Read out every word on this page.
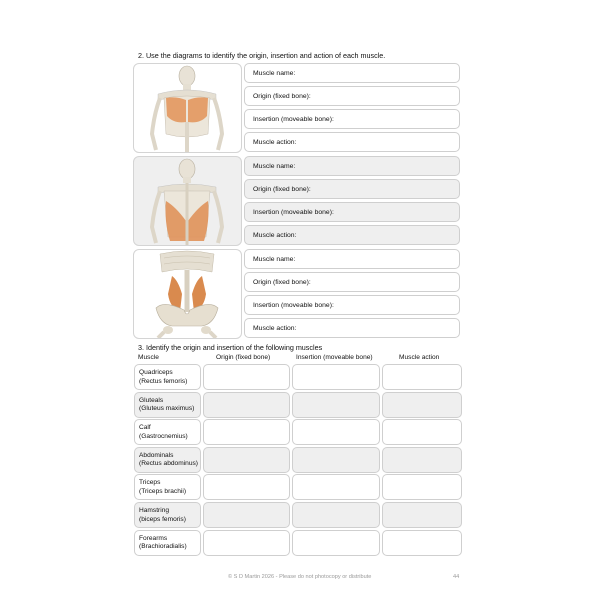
2. Use the diagrams to identify the origin, insertion and action of each muscle.
Muscle name:
Origin (fixed bone):
Insertion (moveable bone):
Muscle action:
Muscle name:
Origin (fixed bone):
Insertion (moveable bone):
Muscle action:
Muscle name:
Origin (fixed bone):
Insertion (moveable bone):
Muscle action:
3. Identify the origin and insertion of the following muscles
Muscle	Origin (fixed bone)	Insertion (moveable bone)	Muscle action
Quadriceps
(Rectus femoris)
Gluteals
(Gluteus maximus)
Calf
(Gastrocnemius)
Abdominals
(Rectus abdominus)
Triceps
(Triceps brachii)
Hamstring
(biceps femoris)
Forearms
(Brachioradialis)
© S D Martin 2026 - Please do not photocopy or distribute	44
